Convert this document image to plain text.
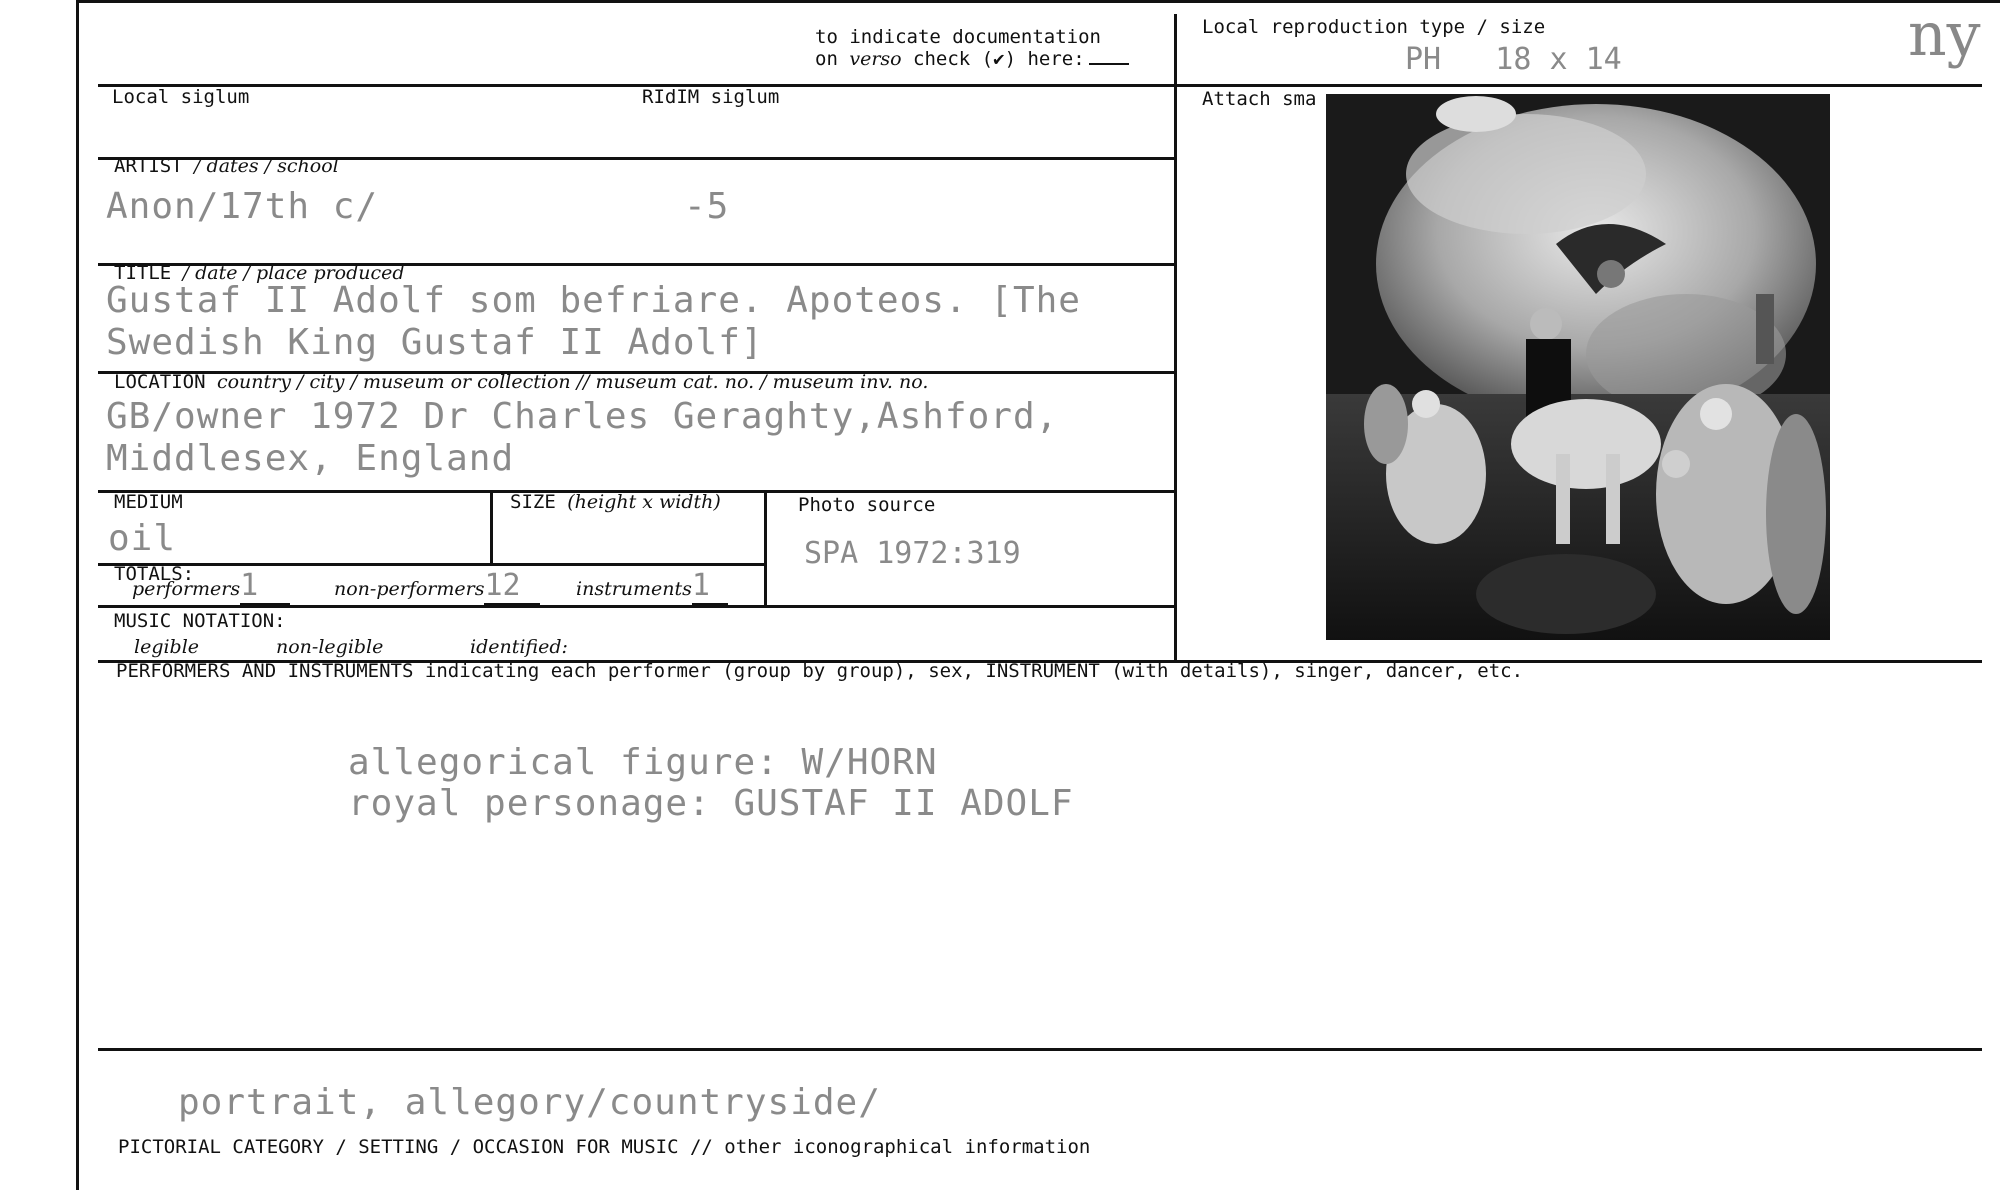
to indicate documentation
on verso check (✔) here:
Local reproduction type / size
PH   18 x 14	ny
Local siglum	RIdIM siglum	Attach sma
ARTIST / dates / school
Anon/17th c/	-5
TITLE / date / place produced
Gustaf II Adolf som befriare. Apoteos. [The
Swedish King Gustaf II Adolf]
LOCATION country / city / museum or collection // museum cat. no. / museum inv. no.
GB/owner 1972 Dr Charles Geraghty,Ashford,
Middlesex, England
MEDIUM
oil
SIZE (height x width)	Photo source
SPA 1972:319
TOTALS:
performers1	non-performers12	instruments1
MUSIC NOTATION:
legible	non-legible	identified:
PERFORMERS AND INSTRUMENTS indicating each performer (group by group), sex, INSTRUMENT (with details), singer, dancer, etc.
allegorical figure: W/HORN
royal personage: GUSTAF II ADOLF
portrait, allegory/countryside/
PICTORIAL CATEGORY / SETTING / OCCASION FOR MUSIC // other iconographical information
